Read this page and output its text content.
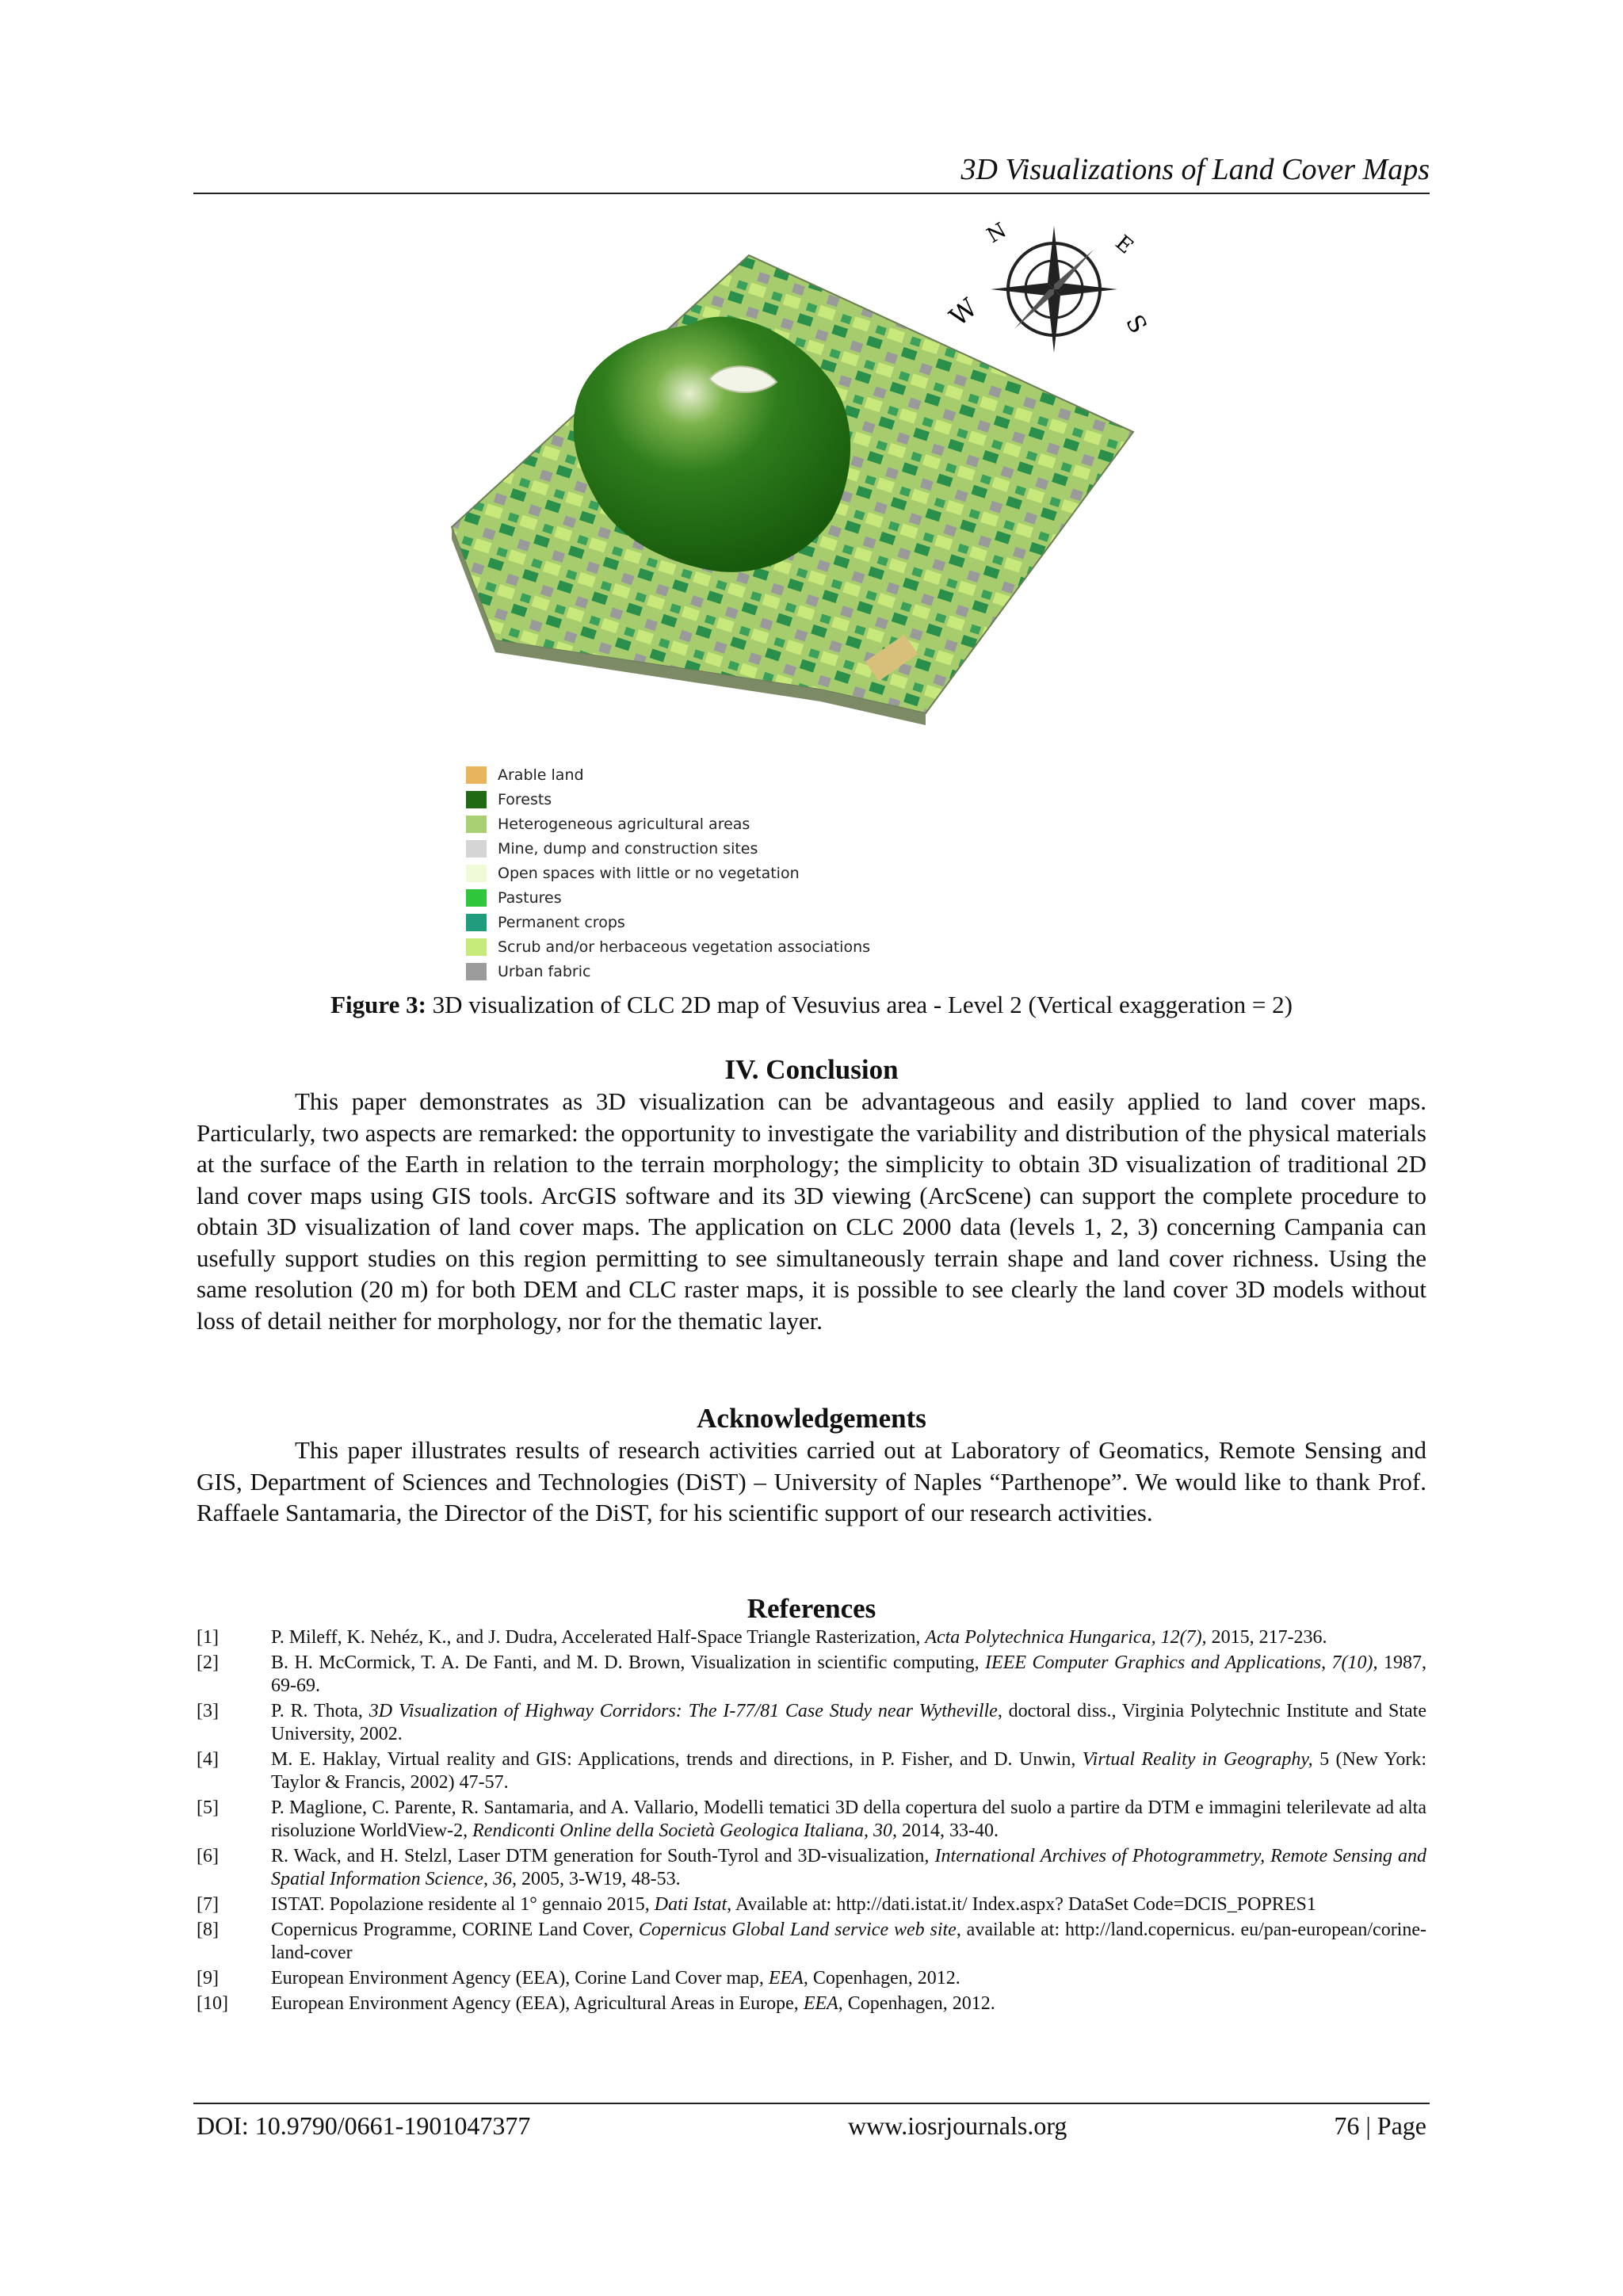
3D Visualizations of Land Cover Maps
N	E
S
W
Arable land
Forests
Heterogeneous agricultural areas
Mine, dump and construction sites
Open spaces with little or no vegetation
Pastures
Permanent crops
Scrub and/or herbaceous vegetation associations
Urban fabric
Figure 3: 3D visualization of CLC 2D map of Vesuvius area - Level 2 (Vertical exaggeration = 2)
IV. Conclusion

This paper demonstrates as 3D visualization can be advantageous and easily applied to land cover maps. Particularly, two aspects are remarked: the opportunity to investigate the variability and distribution of the physical materials at the surface of the Earth in relation to the terrain morphology; the simplicity to obtain 3D visualization of traditional 2D land cover maps using GIS tools. ArcGIS software and its 3D viewing (ArcScene) can support the complete procedure to obtain 3D visualization of land cover maps. The application on CLC 2000 data (levels 1, 2, 3) concerning Campania can usefully support studies on this region permitting to see simultaneously terrain shape and land cover richness. Using the same resolution (20 m) for both DEM and CLC raster maps, it is possible to see clearly the land cover 3D models without loss of detail neither for morphology, nor for the thematic layer.

Acknowledgements

This paper illustrates results of research activities carried out at Laboratory of Geomatics, Remote Sensing and GIS, Department of Sciences and Technologies (DiST) – University of Naples “Parthenope”. We would like to thank Prof. Raffaele Santamaria, the Director of the DiST, for his scientific support of our research activities.

References
[1]	P. Mileff, K. Nehéz, K., and J. Dudra, Accelerated Half-Space Triangle Rasterization, Acta Polytechnica Hungarica, 12(7), 2015, 217-236.
[2]	B. H. McCormick, T. A. De Fanti, and M. D. Brown, Visualization in scientific computing, IEEE Computer Graphics and Applications, 7(10), 1987, 69-69.
[3]	P. R. Thota, 3D Visualization of Highway Corridors: The I-77/81 Case Study near Wytheville, doctoral diss., Virginia Polytechnic Institute and State University, 2002.
[4]	M. E. Haklay, Virtual reality and GIS: Applications, trends and directions, in P. Fisher, and D. Unwin, Virtual Reality in Geography, 5 (New York: Taylor & Francis, 2002) 47-57.
[5]	P. Maglione, C. Parente, R. Santamaria, and A. Vallario, Modelli tematici 3D della copertura del suolo a partire da DTM e immagini telerilevate ad alta risoluzione WorldView-2, Rendiconti Online della Società Geologica Italiana, 30, 2014, 33-40.
[6]	R. Wack, and H. Stelzl, Laser DTM generation for South-Tyrol and 3D-visualization, International Archives of Photogrammetry, Remote Sensing and Spatial Information Science, 36, 2005, 3-W19, 48-53.
[7]	ISTAT. Popolazione residente al 1° gennaio 2015, Dati Istat, Available at: http://dati.istat.it/ Index.aspx? DataSet Code=DCIS_POPRES1
[8]	Copernicus Programme, CORINE Land Cover, Copernicus Global Land service web site, available at: http://land.copernicus. eu/pan-european/corine-land-cover
[9]	European Environment Agency (EEA), Corine Land Cover map, EEA, Copenhagen, 2012.
[10]	European Environment Agency (EEA), Agricultural Areas in Europe, EEA, Copenhagen, 2012.
DOI: 10.9790/0661-1901047377	www.iosrjournals.org	76 | Page
